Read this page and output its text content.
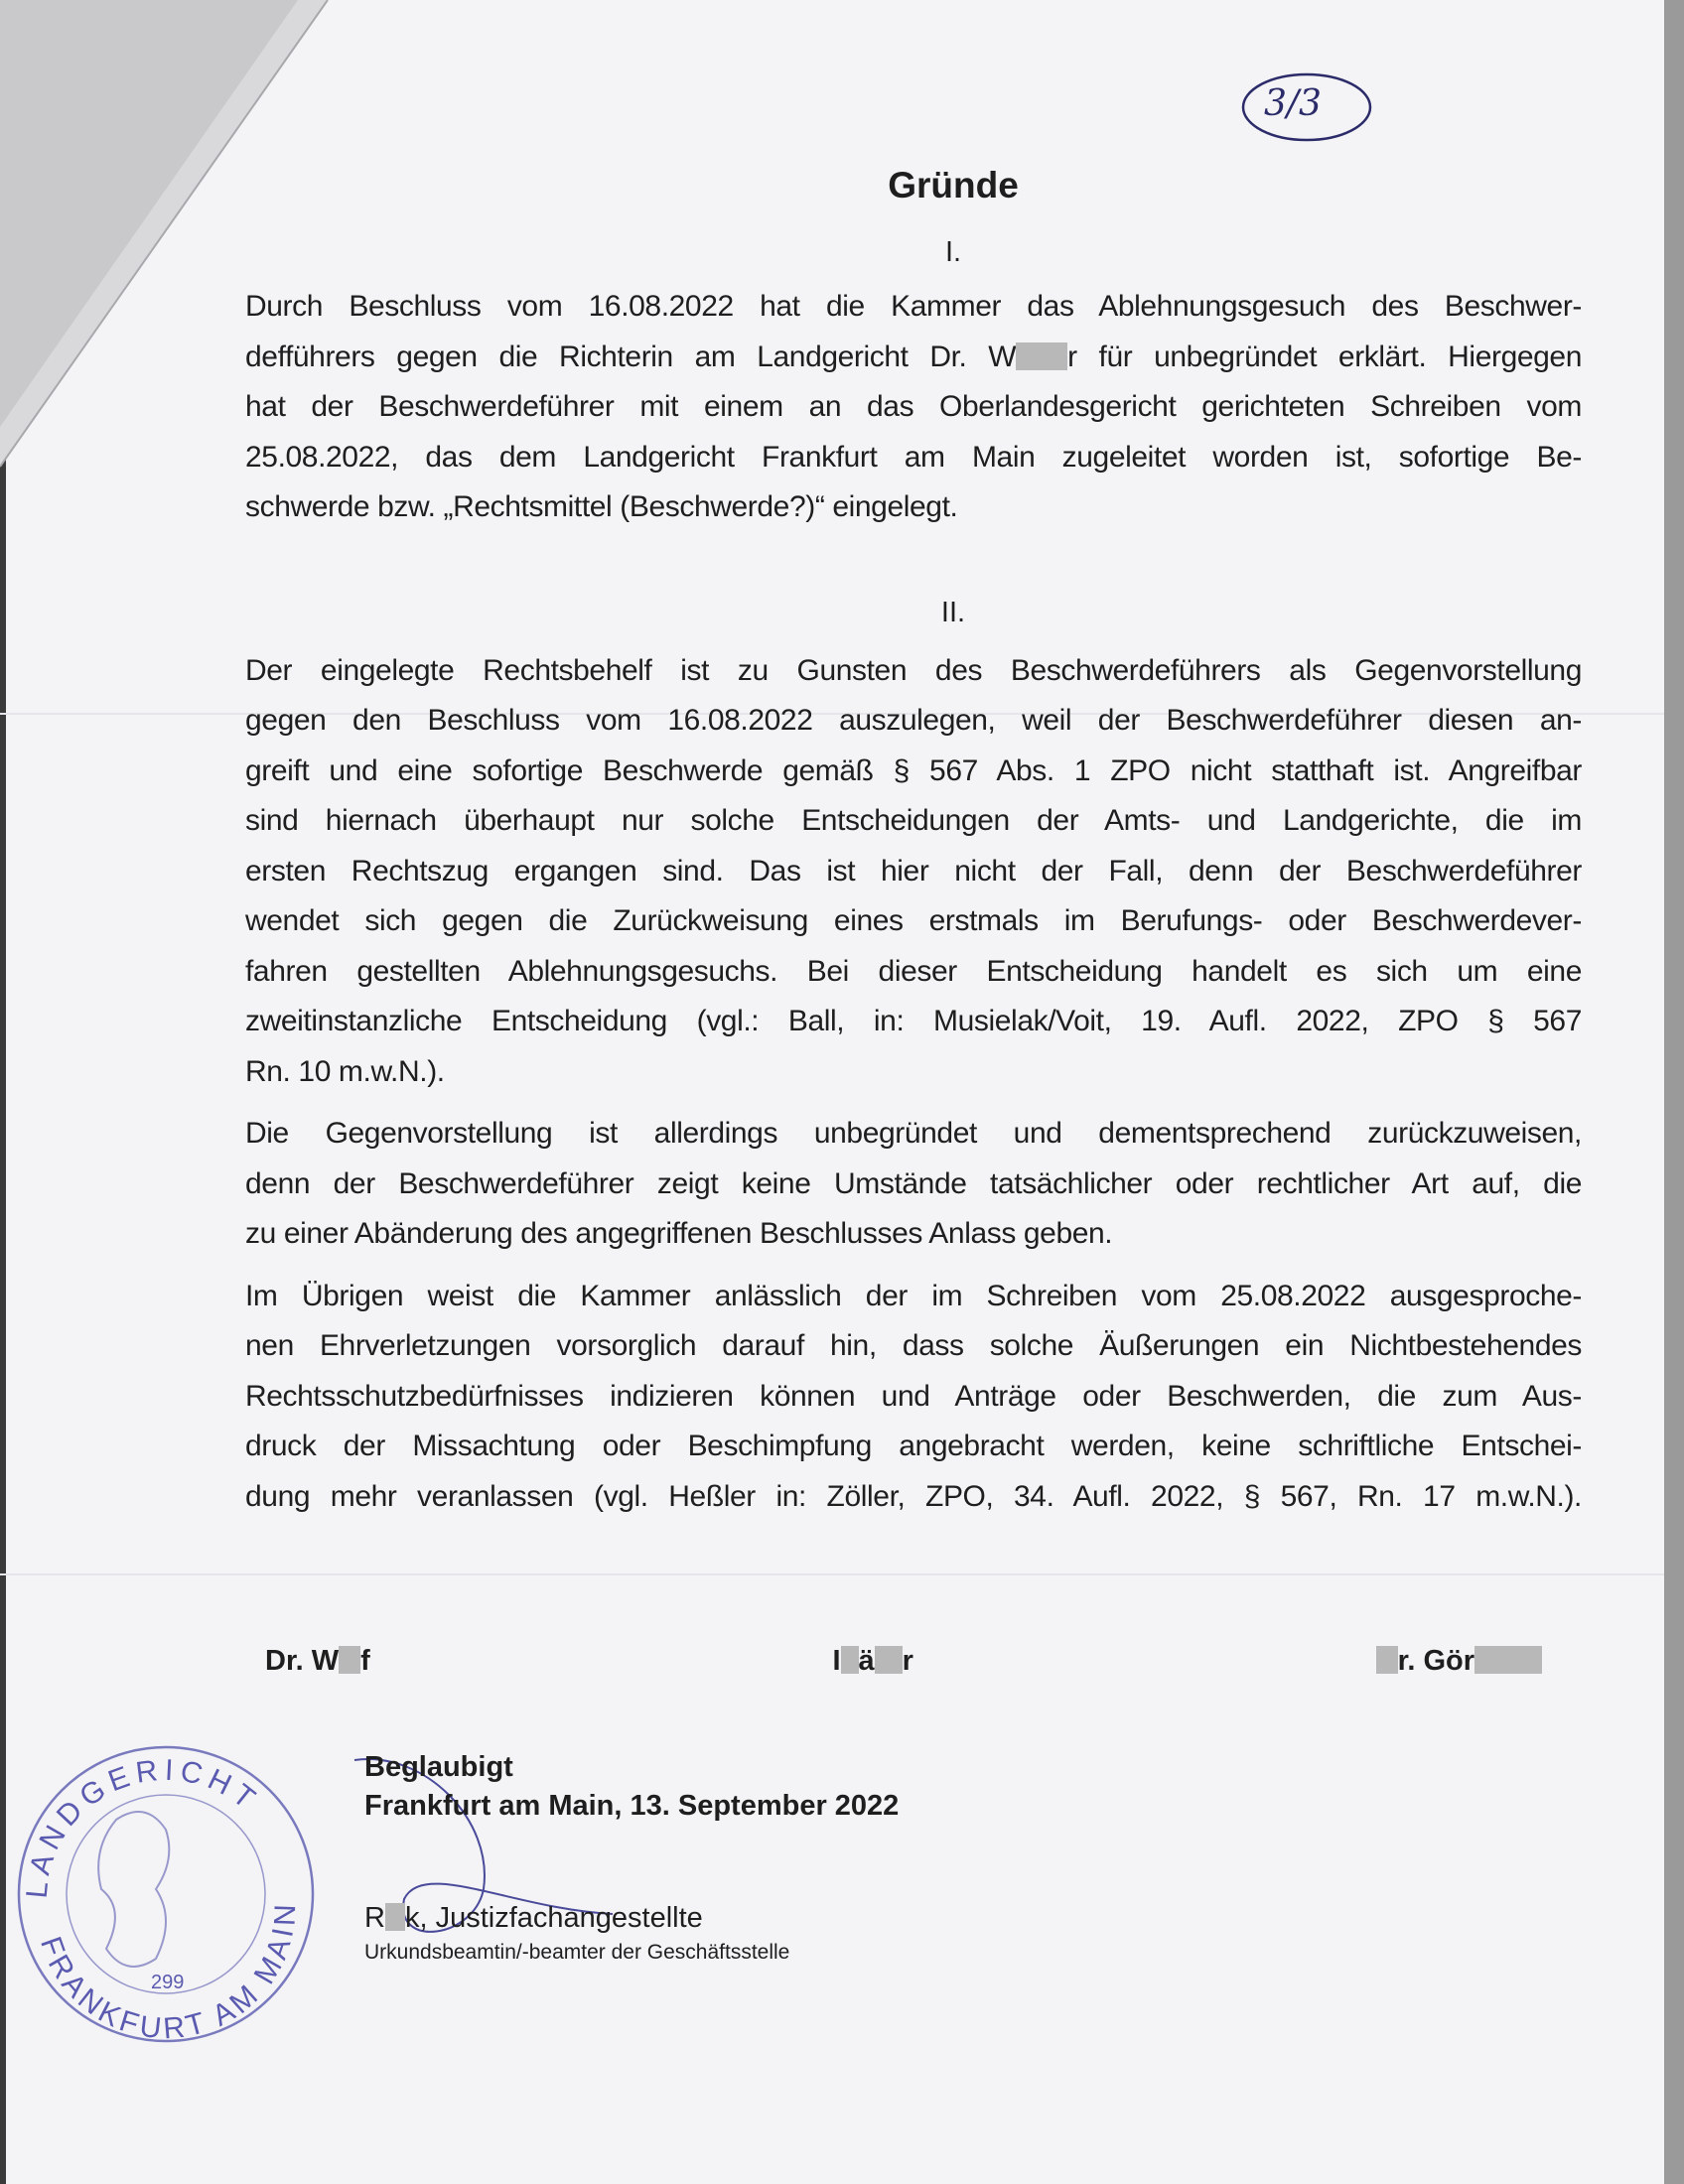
3/3
Gründe
I.
Durch Beschluss vom 16.08.2022 hat die Kammer das Ablehnungsgesuch des Beschwer-
defführers gegen die Richterin am Landgericht Dr. W r für unbegründet erklärt. Hiergegen
hat der Beschwerdeführer mit einem an das Oberlandesgericht gerichteten Schreiben vom
25.08.2022, das dem Landgericht Frankfurt am Main zugeleitet worden ist, sofortige Be-
schwerde bzw. „Rechtsmittel (Beschwerde?)“ eingelegt.
II.
Der eingelegte Rechtsbehelf ist zu Gunsten des Beschwerdeführers als Gegenvorstellung
gegen den Beschluss vom 16.08.2022 auszulegen, weil der Beschwerdeführer diesen an-
greift und eine sofortige Beschwerde gemäß § 567 Abs. 1 ZPO nicht statthaft ist. Angreifbar
sind hiernach überhaupt nur solche Entscheidungen der Amts- und Landgerichte, die im
ersten Rechtszug ergangen sind. Das ist hier nicht der Fall, denn der Beschwerdeführer
wendet sich gegen die Zurückweisung eines erstmals im Berufungs- oder Beschwerdever-
fahren gestellten Ablehnungsgesuchs. Bei dieser Entscheidung handelt es sich um eine
zweitinstanzliche Entscheidung (vgl.: Ball, in: Musielak/Voit, 19. Aufl. 2022, ZPO § 567
Rn. 10 m.w.N.).
Die Gegenvorstellung ist allerdings unbegründet und dementsprechend zurückzuweisen,
denn der Beschwerdeführer zeigt keine Umstände tatsächlicher oder rechtlicher Art auf, die
zu einer Abänderung des angegriffenen Beschlusses Anlass geben.
Im Übrigen weist die Kammer anlässlich der im Schreiben vom 25.08.2022 ausgesproche-
nen Ehrverletzungen vorsorglich darauf hin, dass solche Äußerungen ein Nichtbestehendes
Rechtsschutzbedürfnisses indizieren können und Anträge oder Beschwerden, die zum Aus-
druck der Missachtung oder Beschimpfung angebracht werden, keine schriftliche Entschei-
dung mehr veranlassen (vgl. Heßler in: Zöller, ZPO, 34. Aufl. 2022, § 567, Rn. 17 m.w.N.).
Dr. W f	I ä r	r. Gör
LANDGERICHT
FRANKFURT AM MAIN
299
Beglaubigt
Frankfurt am Main, 13. September 2022
R k, Justizfachangestellte
Urkundsbeamtin/-beamter der Geschäftsstelle
